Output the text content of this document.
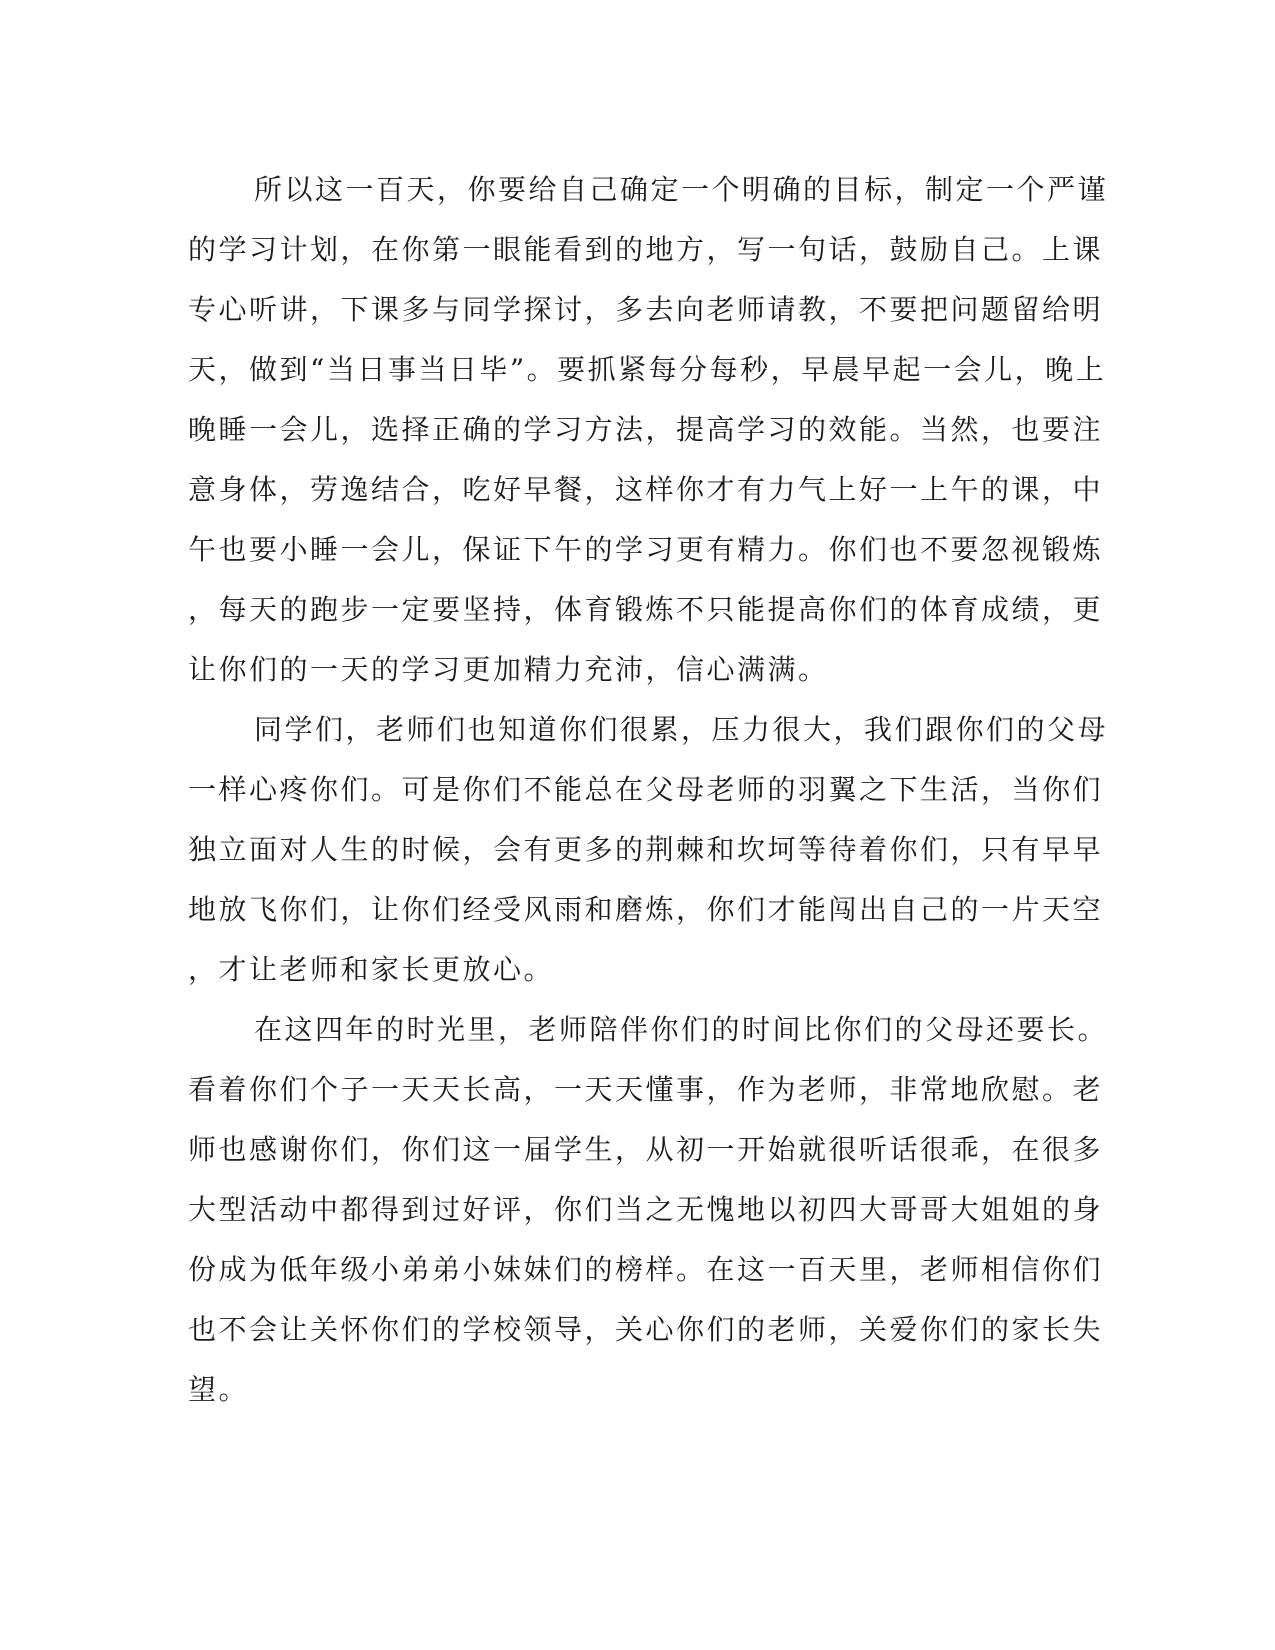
所以这一百天，你要给自己确定一个明确的目标，制定一个严谨
的学习计划，在你第一眼能看到的地方，写一句话，鼓励自己。上课
专心听讲，下课多与同学探讨，多去向老师请教，不要把问题留给明
天，做到“当日事当日毕”。要抓紧每分每秒，早晨早起一会儿，晚上
晚睡一会儿，选择正确的学习方法，提高学习的效能。当然，也要注
意身体，劳逸结合，吃好早餐，这样你才有力气上好一上午的课，中
午也要小睡一会儿，保证下午的学习更有精力。你们也不要忽视锻炼
，每天的跑步一定要坚持，体育锻炼不只能提高你们的体育成绩，更
让你们的一天的学习更加精力充沛，信心满满。
同学们，老师们也知道你们很累，压力很大，我们跟你们的父母
一样心疼你们。可是你们不能总在父母老师的羽翼之下生活，当你们
独立面对人生的时候，会有更多的荆棘和坎坷等待着你们，只有早早
地放飞你们，让你们经受风雨和磨炼，你们才能闯出自己的一片天空
，才让老师和家长更放心。
在这四年的时光里，老师陪伴你们的时间比你们的父母还要长。
看着你们个子一天天长高，一天天懂事，作为老师，非常地欣慰。老
师也感谢你们，你们这一届学生，从初一开始就很听话很乖，在很多
大型活动中都得到过好评，你们当之无愧地以初四大哥哥大姐姐的身
份成为低年级小弟弟小妹妹们的榜样。在这一百天里，老师相信你们
也不会让关怀你们的学校领导，关心你们的老师，关爱你们的家长失
望。
